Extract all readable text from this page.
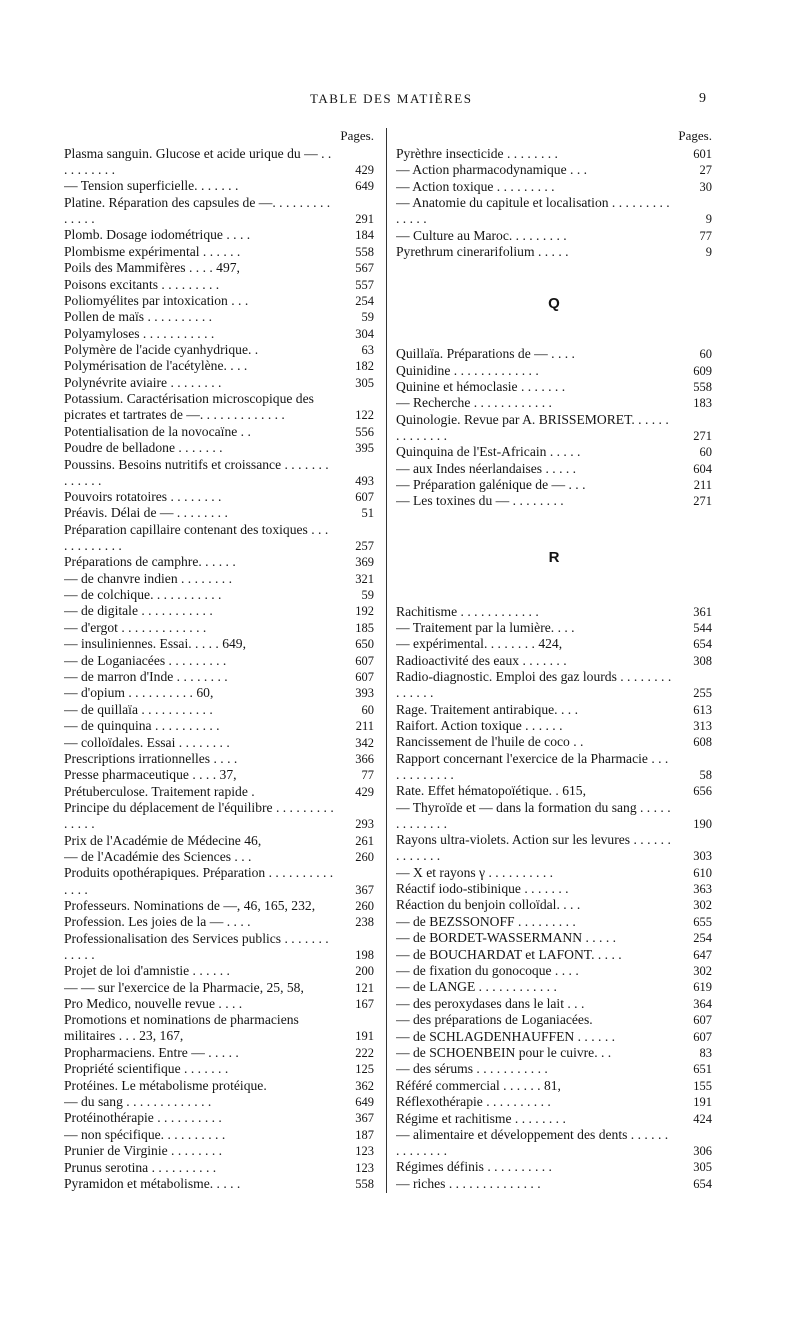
TABLE DES MATIÈRES	9
Pages.
Plasma sanguin. Glucose et acide urique du — . . . . . . . . . .	429
— Tension superficielle. . . . . . .	649
Platine. Réparation des capsules de —. . . . . . . . . . . . . .	291
Plomb. Dosage iodométrique . . . .	184
Plombisme expérimental . . . . . .	558
Poils des Mammifères . . . . 497,	567
Poisons excitants . . . . . . . . .	557
Poliomyélites par intoxication . . .	254
Pollen de maïs . . . . . . . . . .	59
Polyamyloses . . . . . . . . . . .	304
Polymère de l'acide cyanhydrique. .	63
Polymérisation de l'acétylène. . . .	182
Polynévrite aviaire . . . . . . . .	305
Potassium. Caractérisation microscopique des picrates et tartrates de —. . . . . . . . . . . . .	122
Potentialisation de la novocaïne . .	556
Poudre de belladone . . . . . . .	395
Poussins. Besoins nutritifs et croissance . . . . . . . . . . . . .	493
Pouvoirs rotatoires . . . . . . . .	607
Préavis. Délai de — . . . . . . . .	51
Préparation capillaire contenant des toxiques . . . . . . . . . . . .	257
Préparations de camphre. . . . . .	369
— de chanvre indien . . . . . . . .	321
— de colchique. . . . . . . . . . .	59
— de digitale . . . . . . . . . . .	192
— d'ergot . . . . . . . . . . . . .	185
— insuliniennes. Essai. . . . . 649,	650
— de Loganiacées . . . . . . . . .	607
— de marron d'Inde . . . . . . . .	607
— d'opium . . . . . . . . . . 60,	393
— de quillaïa . . . . . . . . . . .	60
— de quinquina . . . . . . . . . .	211
— colloïdales. Essai . . . . . . . .	342
Prescriptions irrationnelles . . . .	366
Presse pharmaceutique . . . . 37,	77
Prétuberculose. Traitement rapide .	429
Principe du déplacement de l'équilibre . . . . . . . . . . . . . .	293
Prix de l'Académie de Médecine 46,	261
— de l'Académie des Sciences . . .	260
Produits opothérapiques. Préparation . . . . . . . . . . . . . .	367
Professeurs. Nominations de —, 46, 165, 232,	260
Profession. Les joies de la — . . . .	238
Professionalisation des Services publics . . . . . . . . . . . .	198
Projet de loi d'amnistie . . . . . .	200
— — sur l'exercice de la Pharmacie, 25, 58,	121
Pro Medico, nouvelle revue . . . .	167
Promotions et nominations de pharmaciens militaires . . . 23, 167,	191
Propharmaciens. Entre — . . . . .	222
Propriété scientifique . . . . . . .	125
Protéines. Le métabolisme protéique.	362
— du sang . . . . . . . . . . . . .	649
Protéinothérapie . . . . . . . . . .	367
— non spécifique. . . . . . . . . .	187
Prunier de Virginie . . . . . . . .	123
Prunus serotina . . . . . . . . . .	123
Pyramidon et métabolisme. . . . .	558
Pages.
Pyrèthre insecticide . . . . . . . .	601
— Action pharmacodynamique . . .	27
— Action toxique . . . . . . . . .	30
— Anatomie du capitule et localisation . . . . . . . . . . . . . .	9
— Culture au Maroc. . . . . . . . .	77
Pyrethrum cinerarifolium . . . . .	9
Q
Quillaïa. Préparations de — . . . .	60
Quinidine . . . . . . . . . . . . .	609
Quinine et hémoclasie . . . . . . .	558
— Recherche . . . . . . . . . . . .	183
Quinologie. Revue par A. BRISSEMORET. . . . . . . . . . . . . .	271
Quinquina de l'Est-Africain . . . . .	60
— aux Indes néerlandaises . . . . .	604
— Préparation galénique de — . . .	211
— Les toxines du — . . . . . . . .	271
R
Rachitisme . . . . . . . . . . . .	361
— Traitement par la lumière. . . .	544
— expérimental. . . . . . . . 424,	654
Radioactivité des eaux . . . . . . .	308
Radio-diagnostic. Emploi des gaz lourds . . . . . . . . . . . . . .	255
Rage. Traitement antirabique. . . .	613
Raifort. Action toxique . . . . . .	313
Rancissement de l'huile de coco . .	608
Rapport concernant l'exercice de la Pharmacie . . . . . . . . . . . .	58
Rate. Effet hématopoïétique. . 615,	656
— Thyroïde et — dans la formation du sang . . . . . . . . . . . . .	190
Rayons ultra-violets. Action sur les levures . . . . . . . . . . . . .	303
— X et rayons γ . . . . . . . . . .	610
Réactif iodo-stibinique . . . . . . .	363
Réaction du benjoin colloïdal. . . .	302
— de BEZSSONOFF . . . . . . . . .	655
— de BORDET-WASSERMANN . . . . .	254
— de BOUCHARDAT et LAFONT. . . . .	647
— de fixation du gonocoque . . . .	302
— de LANGE . . . . . . . . . . . .	619
— des peroxydases dans le lait . . .	364
— des préparations de Loganiacées.	607
— de SCHLAGDENHAUFFEN . . . . . .	607
— de SCHOENBEIN pour le cuivre. . .	83
— des sérums . . . . . . . . . . .	651
Référé commercial . . . . . . 81,	155
Réflexothérapie . . . . . . . . . .	191
Régime et rachitisme . . . . . . . .	424
— alimentaire et développement des dents . . . . . . . . . . . . . .	306
Régimes définis . . . . . . . . . .	305
— riches . . . . . . . . . . . . . .	654
